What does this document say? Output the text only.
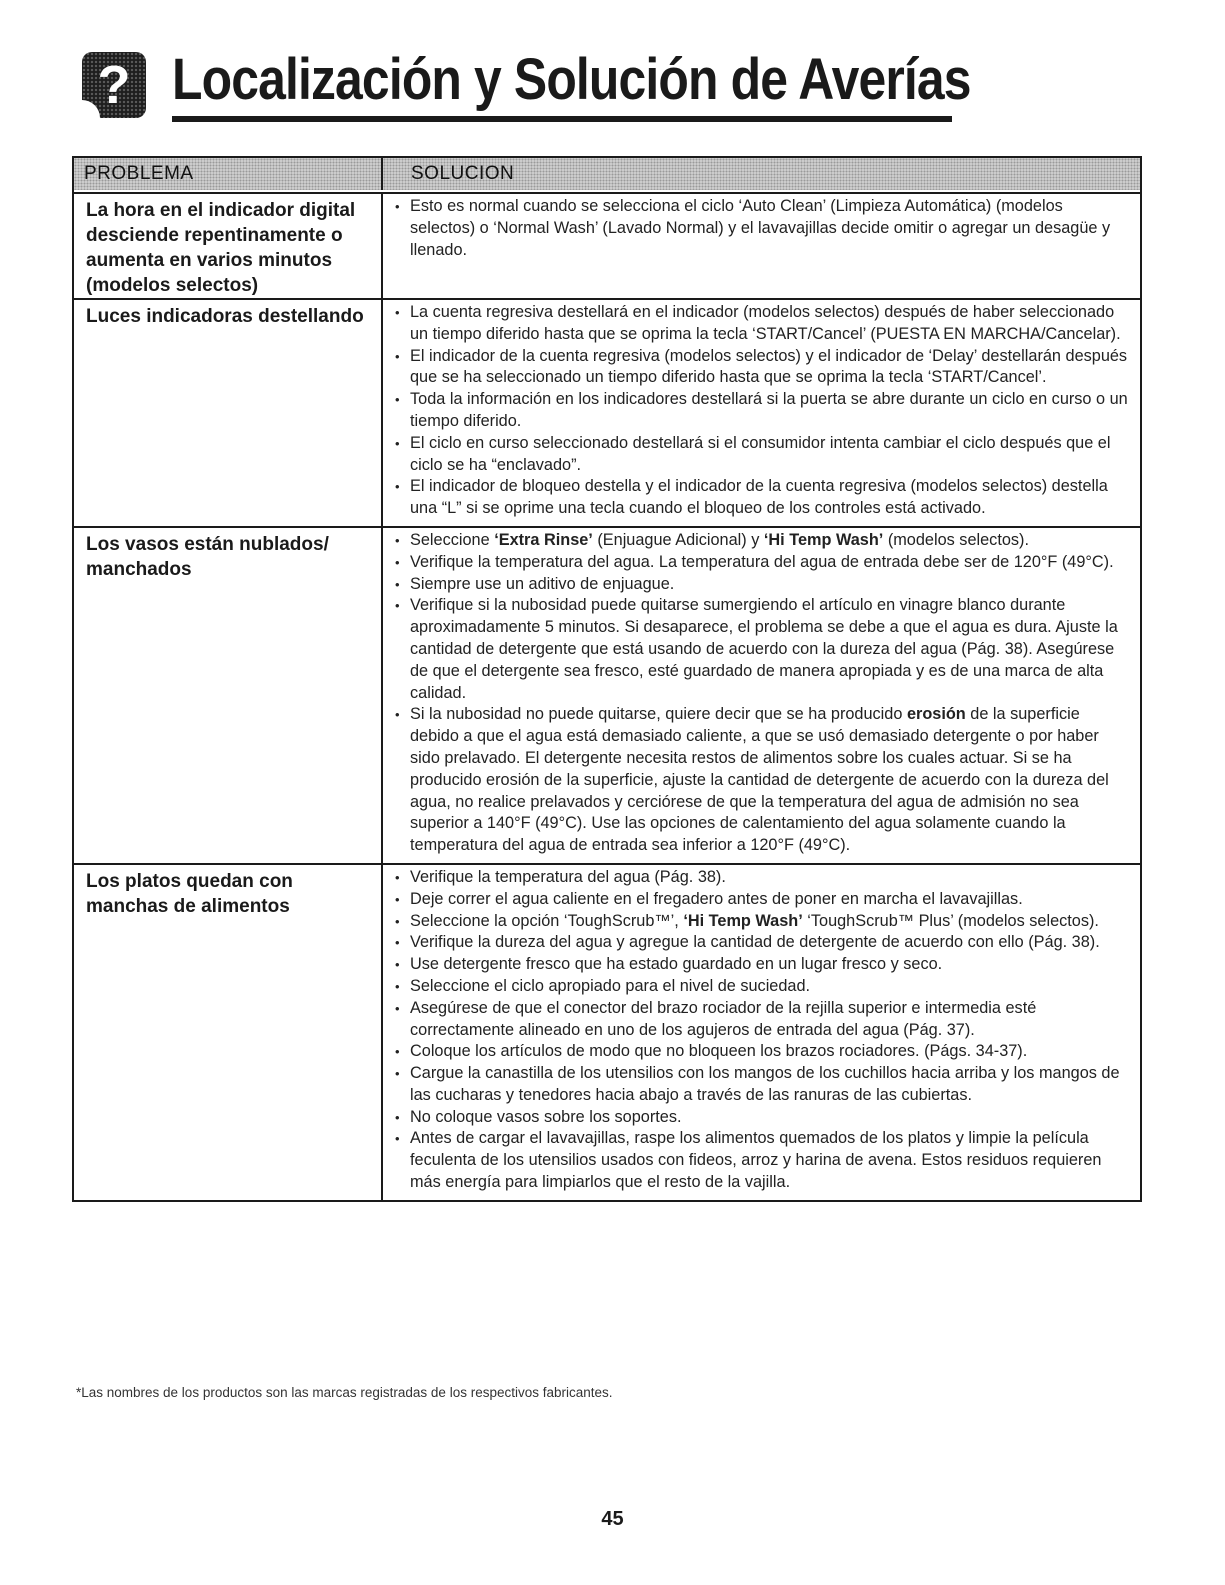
? Localización y Solución de Averías
PROBLEMA	SOLUCION
La hora en el indicador digital desciende repentinamente o aumenta en varios minutos (modelos selectos)
• Esto es normal cuando se selecciona el ciclo ‘Auto Clean’ (Limpieza Automática) (modelos selectos) o ‘Normal Wash’ (Lavado Normal) y el lavavajillas decide omitir o agregar un desagüe y llenado.
Luces indicadoras destellando
•	La cuenta regresiva destellará en el indicador (modelos selectos) después de haber seleccionado un tiempo diferido hasta que se oprima la tecla ‘START/Cancel’ (PUESTA EN MARCHA/Cancelar).
• El indicador de la cuenta regresiva (modelos selectos) y el indicador de ‘Delay’ destellarán después que se ha seleccionado un tiempo diferido hasta que se oprima la tecla ‘START/Cancel’.
• Toda la información en los indicadores destellará si la puerta se abre durante un ciclo en curso o un tiempo diferido.
• El ciclo en curso seleccionado destellará si el consumidor intenta cambiar el ciclo después que el ciclo se ha “enclavado”.
• El indicador de bloqueo destella y el indicador de la cuenta regresiva (modelos selectos) destella una “L” si se oprime una tecla cuando el bloqueo de los controles está activado.
Los vasos están nublados/ manchados
• Seleccione ‘Extra Rinse’ (Enjuague Adicional) y ‘Hi Temp Wash’ (modelos selectos).
• Verifique la temperatura del agua. La temperatura del agua de entrada debe ser de 120°F (49°C).
• Siempre use un aditivo de enjuague.
• Verifique si la nubosidad puede quitarse sumergiendo el artículo en vinagre blanco durante aproximadamente 5 minutos. Si desaparece, el problema se debe a que el agua es dura. Ajuste la cantidad de detergente que está usando de acuerdo con la dureza del agua (Pág. 38). Asegúrese de que el detergente sea fresco, esté guardado de manera apropiada y es de una marca de alta calidad.
• Si la nubosidad no puede quitarse, quiere decir que se ha producido erosión de la superficie debido a que el agua está demasiado caliente, a que se usó demasiado detergente o por haber sido prelavado. El detergente necesita restos de alimentos sobre los cuales actuar. Si se ha producido erosión de la superficie, ajuste la cantidad de detergente de acuerdo con la dureza del agua, no realice prelavados y cerciórese de que la temperatura del agua de admisión no sea superior a 140°F (49°C). Use las opciones de calentamiento del agua solamente cuando la temperatura del agua de entrada sea inferior a 120°F (49°C).
Los platos quedan con manchas de alimentos
• Verifique la temperatura del agua (Pág. 38).
• Deje correr el agua caliente en el fregadero antes de poner en marcha el lavavajillas.
• Seleccione la opción ‘ToughScrub™’, ‘Hi Temp Wash’ ‘ToughScrub™ Plus’ (modelos selectos).
• Verifique la dureza del agua y agregue la cantidad de detergente de acuerdo con ello (Pág. 38).
• Use detergente fresco que ha estado guardado en un lugar fresco y seco.
• Seleccione el ciclo apropiado para el nivel de suciedad.
• Asegúrese de que el conector del brazo rociador de la rejilla superior e intermedia esté correctamente alineado en uno de los agujeros de entrada del agua (Pág. 37).
• Coloque los artículos de modo que no bloqueen los brazos rociadores. (Págs. 34-37).
• Cargue la canastilla de los utensilios con los mangos de los cuchillos hacia arriba y los mangos de las cucharas y tenedores hacia abajo a través de las ranuras de las cubiertas.
• No coloque vasos sobre los soportes.
• Antes de cargar el lavavajillas, raspe los alimentos quemados de los platos y limpie la película feculenta de los utensilios usados con fideos, arroz y harina de avena. Estos residuos requieren más energía para limpiarlos que el resto de la vajilla.
*Las nombres de los productos son las marcas registradas de los respectivos fabricantes.
45
